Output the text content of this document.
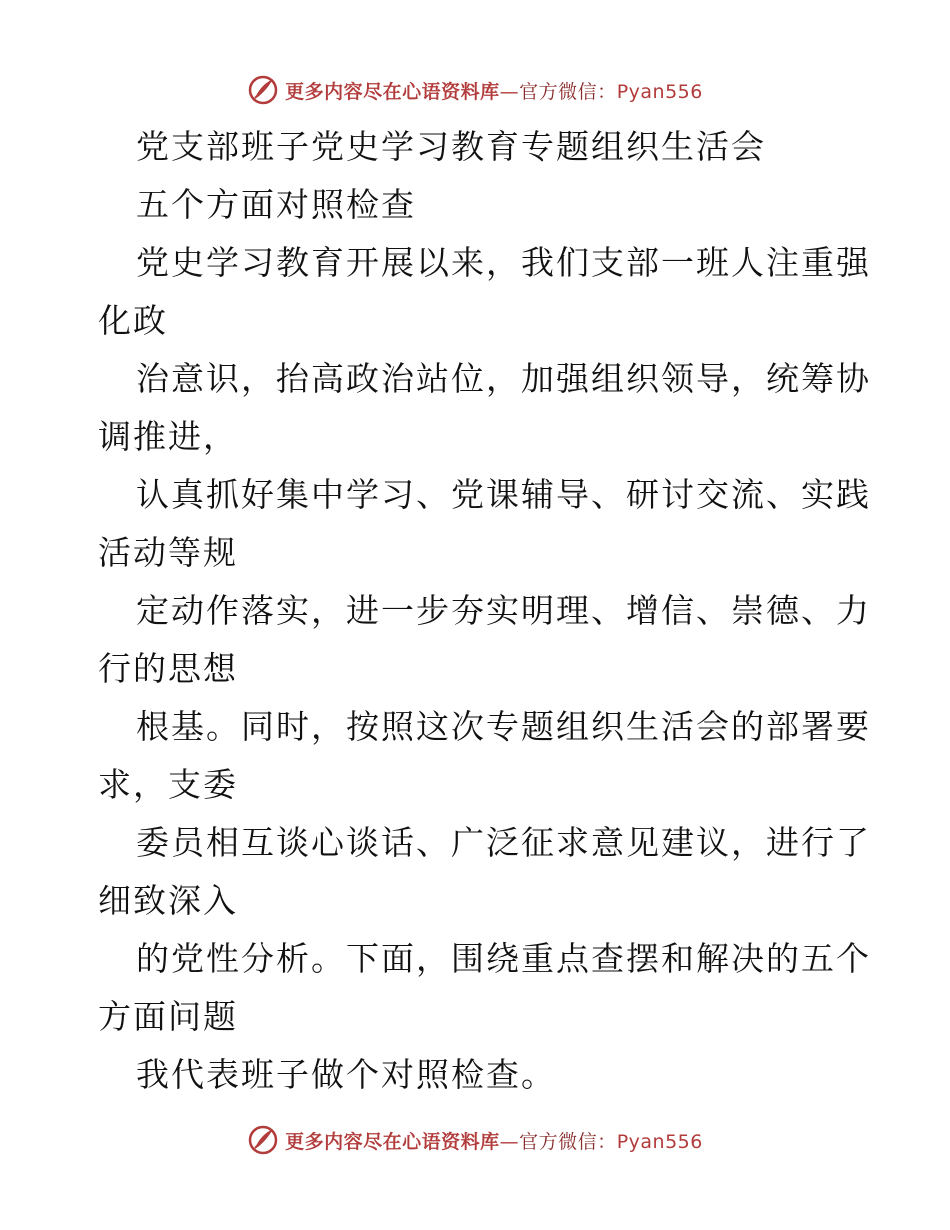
更多内容尽在心语资料库—官方微信：Pyan556
党支部班子党史学习教育专题组织生活会
五个方面对照检查
党史学习教育开展以来，我们支部一班人注重强
化政
治意识，抬高政治站位，加强组织领导，统筹协
调推进，
认真抓好集中学习、党课辅导、研讨交流、实践
活动等规
定动作落实，进一步夯实明理、增信、崇德、力
行的思想
根基。同时，按照这次专题组织生活会的部署要
求，支委
委员相互谈心谈话、广泛征求意见建议，进行了
细致深入
的党性分析。下面，围绕重点查摆和解决的五个
方面问题
我代表班子做个对照检查。
更多内容尽在心语资料库—官方微信：Pyan556
